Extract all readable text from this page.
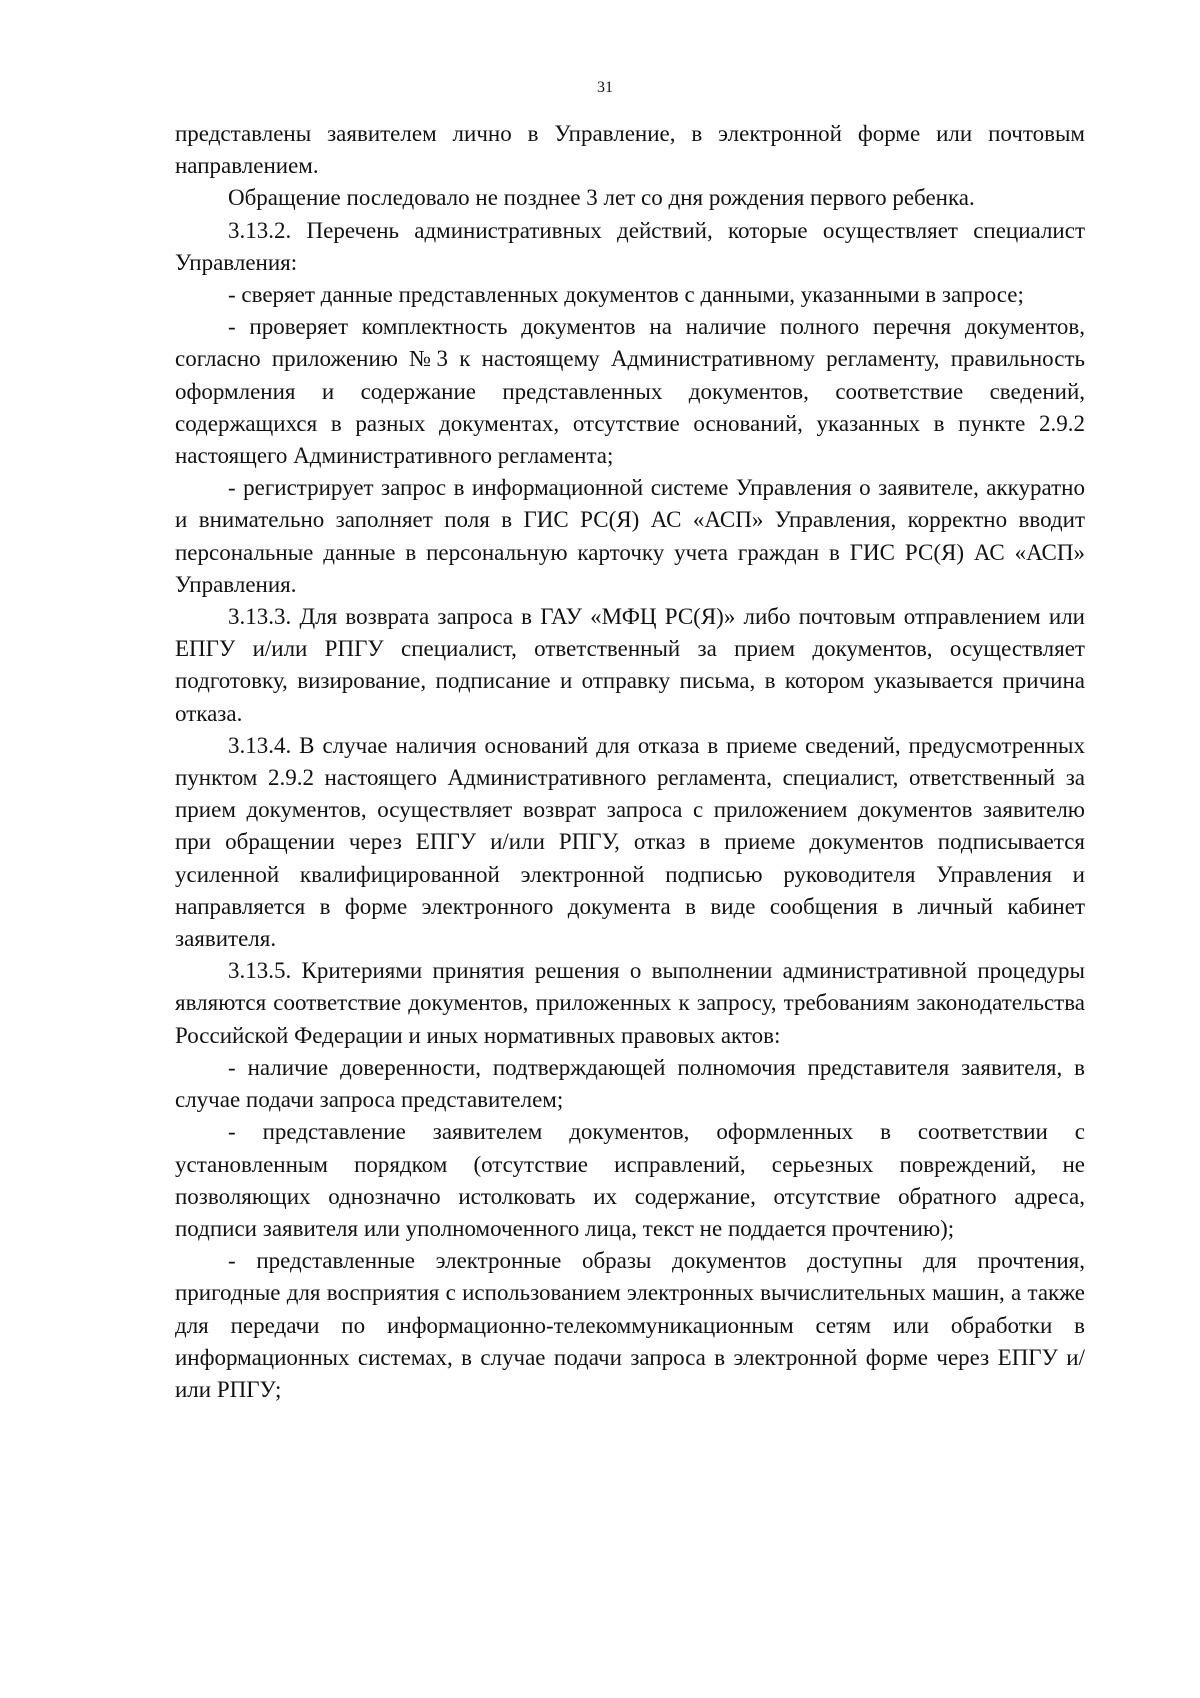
31

представлены заявителем лично в Управление, в электронной форме или почтовым направлением.

Обращение последовало не позднее 3 лет со дня рождения первого ребенка.

3.13.2. Перечень административных действий, которые осуществляет специалист Управления:

- сверяет данные представленных документов с данными, указанными в запросе;

- проверяет комплектность документов на наличие полного перечня документов, согласно приложению №3 к настоящему Административному регламенту, правильность оформления и содержание представленных документов, соответствие сведений, содержащихся в разных документах, отсутствие оснований, указанных в пункте 2.9.2 настоящего Административного регламента;

- регистрирует запрос в информационной системе Управления о заявителе, аккуратно и внимательно заполняет поля в ГИС РС(Я) АС «АСП» Управления, корректно вводит персональные данные в персональную карточку учета граждан в ГИС РС(Я) АС «АСП» Управления.

3.13.3. Для возврата запроса в ГАУ «МФЦ РС(Я)» либо почтовым отправлением или ЕПГУ и/или РПГУ специалист, ответственный за прием документов, осуществляет подготовку, визирование, подписание и отправку письма, в котором указывается причина отказа.

3.13.4. В случае наличия оснований для отказа в приеме сведений, предусмотренных пунктом 2.9.2 настоящего Административного регламента, специалист, ответственный за прием документов, осуществляет возврат запроса с приложением документов заявителю при обращении через ЕПГУ и/или РПГУ, отказ в приеме документов подписывается усиленной квалифицированной электронной подписью руководителя Управления и направляется в форме электронного документа в виде сообщения в личный кабинет заявителя.

3.13.5. Критериями принятия решения о выполнении административной процедуры являются соответствие документов, приложенных к запросу, требованиям законодательства Российской Федерации и иных нормативных правовых актов:

- наличие доверенности, подтверждающей полномочия представителя заявителя, в случае подачи запроса представителем;

- представление заявителем документов, оформленных в соответствии с установленным порядком (отсутствие исправлений, серьезных повреждений, не позволяющих однозначно истолковать их содержание, отсутствие обратного адреса, подписи заявителя или уполномоченного лица, текст не поддается прочтению);

- представленные электронные образы документов доступны для прочтения, пригодные для восприятия с использованием электронных вычислительных машин, а также для передачи по информационно-телекоммуникационным сетям или обработки в информационных системах, в случае подачи запроса в электронной форме через ЕПГУ и/или РПГУ;
